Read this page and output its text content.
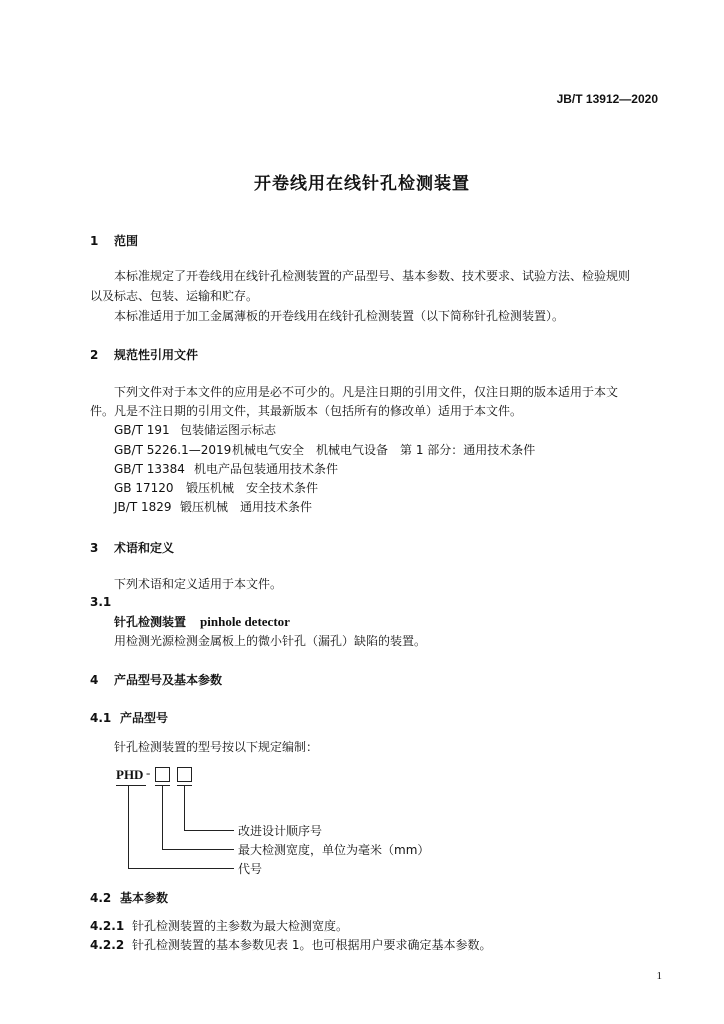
JB/T 13912—2020
开卷线用在线针孔检测装置
1 范围
本标准规定了开卷线用在线针孔检测装置的产品型号、基本参数、技术要求、试验方法、检验规则
以及标志、包装、运输和贮存。
本标准适用于加工金属薄板的开卷线用在线针孔检测装置（以下简称针孔检测装置）。
2 规范性引用文件
下列文件对于本文件的应用是必不可少的。凡是注日期的引用文件，仅注日期的版本适用于本文
件。凡是不注日期的引用文件，其最新版本（包括所有的修改单）适用于本文件。
GB/T 191 包装储运图示标志
GB/T 5226.1—2019机械电气安全　机械电气设备　第 1 部分：通用技术条件
GB/T 13384 机电产品包装通用技术条件
GB 17120 锻压机械　安全技术条件
JB/T 1829 锻压机械　通用技术条件
3 术语和定义
下列术语和定义适用于本文件。
3.1
针孔检测装置 pinhole detector
用检测光源检测金属板上的微小针孔（漏孔）缺陷的装置。
4 产品型号及基本参数
4.1 产品型号
针孔检测装置的型号按以下规定编制：
PHD -
改进设计顺序号
最大检测宽度，单位为毫米（mm）
代号
4.2 基本参数
4.2.1 针孔检测装置的主参数为最大检测宽度。
4.2.2 针孔检测装置的基本参数见表 1。也可根据用户要求确定基本参数。
1
